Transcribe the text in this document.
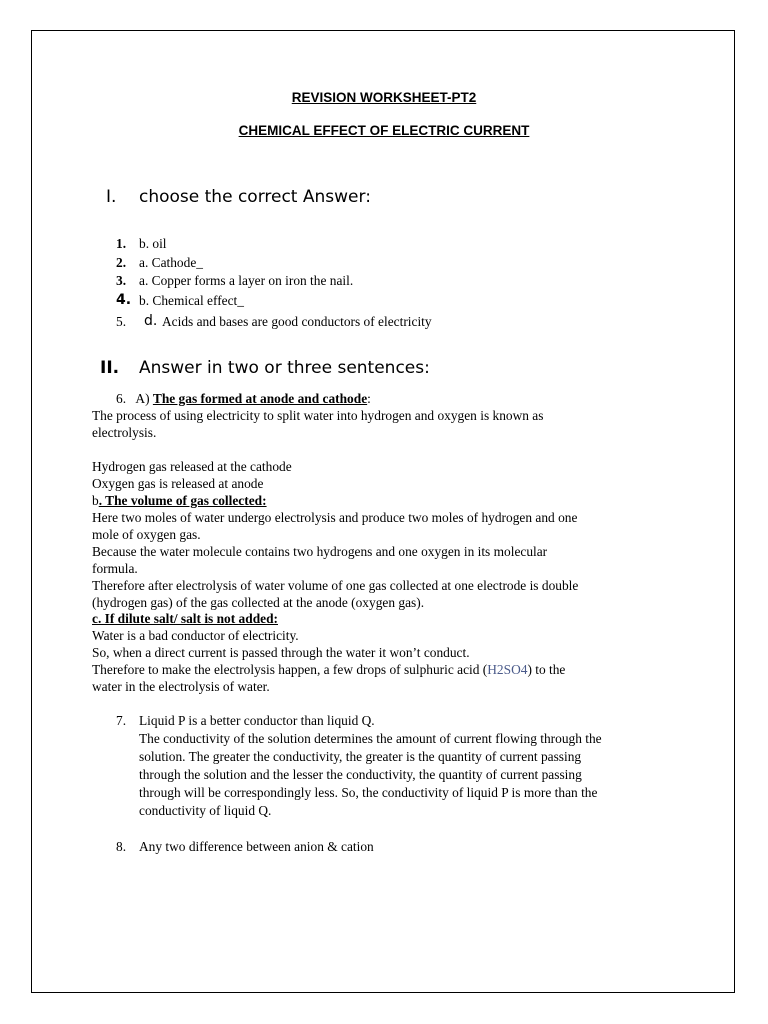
REVISION WORKSHEET-PT2
CHEMICAL EFFECT OF ELECTRIC CURRENT
I. choose the correct Answer:
1. b. oil
2. a. Cathode_
3. a. Copper forms a layer on iron the nail.
4. b. Chemical effect_
5. d. Acids and bases are good conductors of electricity
II. Answer in two or three sentences:
6. A) The gas formed at anode and cathode:
The process of using electricity to split water into hydrogen and oxygen is known as
electrolysis.
Hydrogen gas released at the cathode
Oxygen gas is released at anode
b. The volume of gas collected:
Here two moles of water undergo electrolysis and produce two moles of hydrogen and one
mole of oxygen gas.
Because the water molecule contains two hydrogens and one oxygen in its molecular
formula.
Therefore after electrolysis of water volume of one gas collected at one electrode is double
(hydrogen gas) of the gas collected at the anode (oxygen gas).
c. If dilute salt/ salt is not added:
Water is a bad conductor of electricity.
So, when a direct current is passed through the water it won’t conduct.
Therefore to make the electrolysis happen, a few drops of sulphuric acid (H2SO4) to the
water in the electrolysis of water.
7. Liquid P is a better conductor than liquid Q.
The conductivity of the solution determines the amount of current flowing through the
solution. The greater the conductivity, the greater is the quantity of current passing
through the solution and the lesser the conductivity, the quantity of current passing
through will be correspondingly less. So, the conductivity of liquid P is more than the
conductivity of liquid Q.
8. Any two difference between anion & cation
